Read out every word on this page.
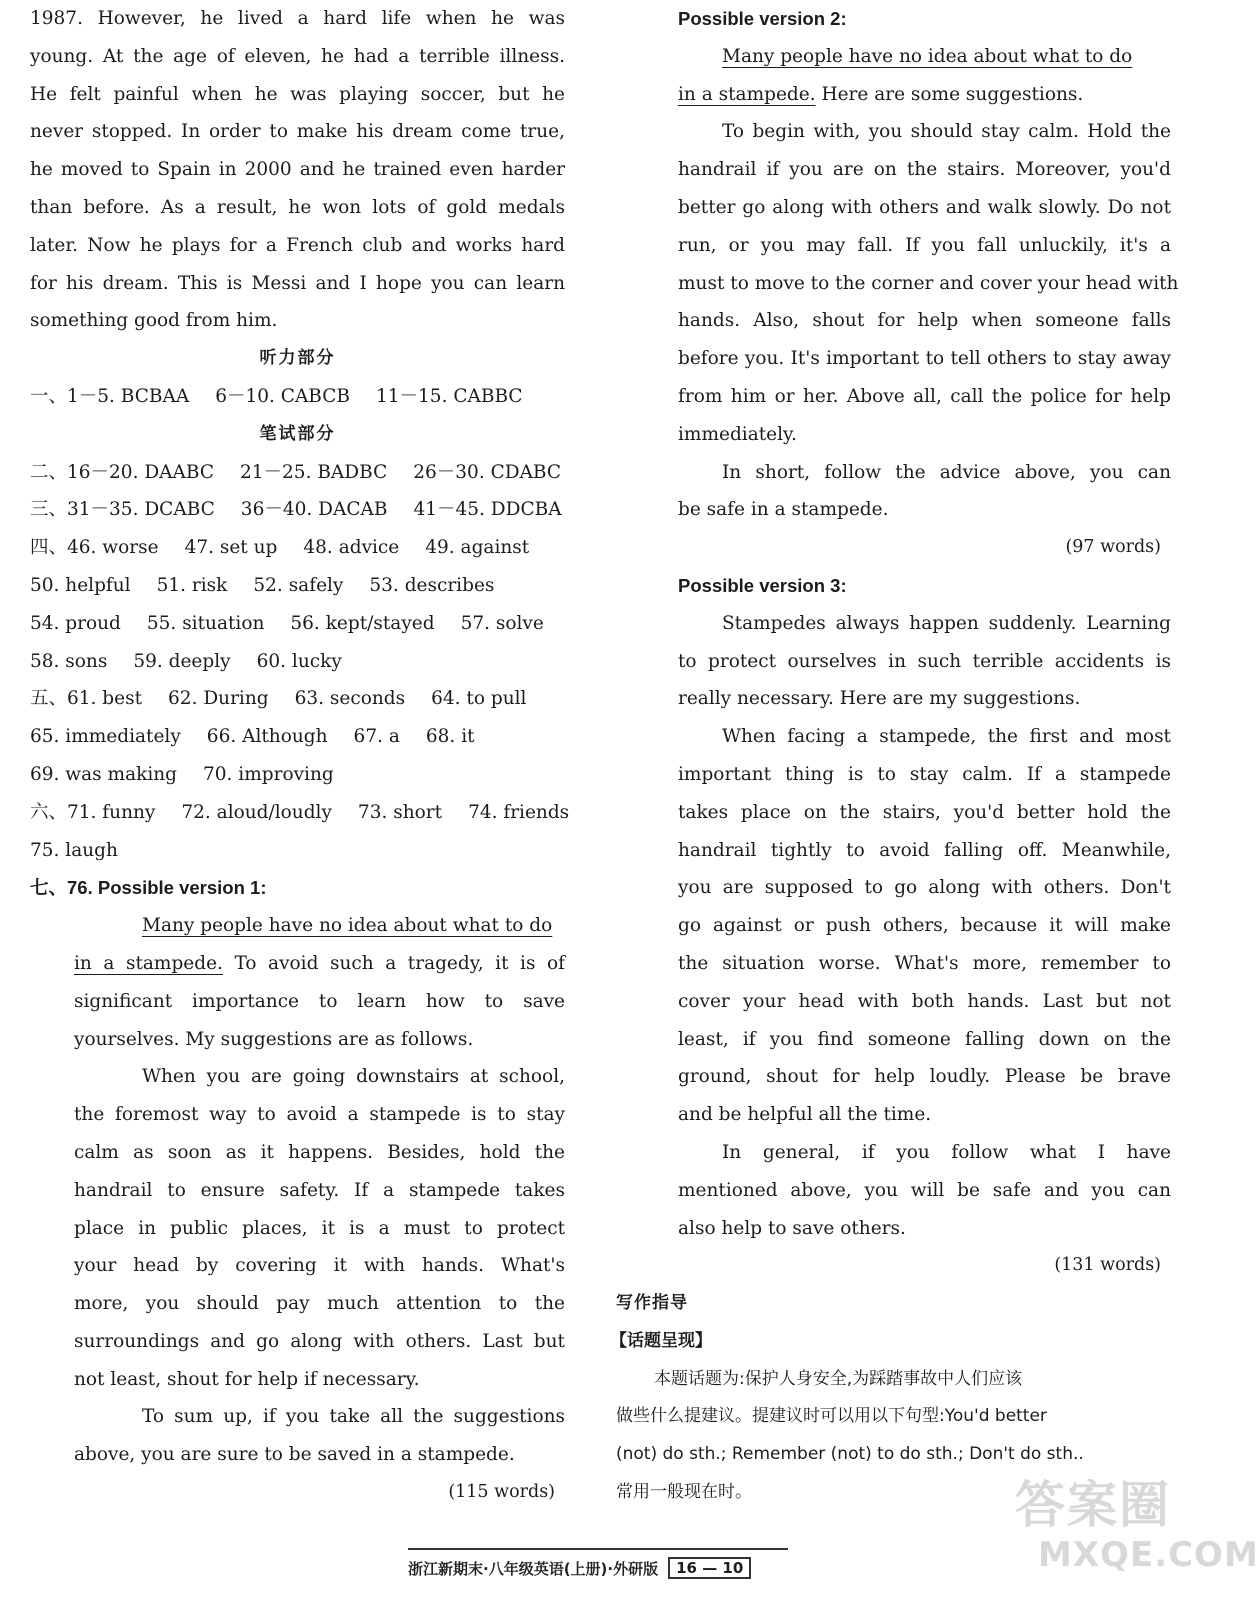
1987. However, he lived a hard life when he was
young. At the age of eleven, he had a terrible illness.
He felt painful when he was playing soccer, but he
never stopped. In order to make his dream come true,
he moved to Spain in 2000 and he trained even harder
than before. As a result, he won lots of gold medals
later. Now he plays for a French club and works hard
for his dream. This is Messi and I hope you can learn
something good from him.
听力部分
一、1－5. BCBAA 6－10. CABCB 11－15. CABBC
笔试部分
二、16－20. DAABC 21－25. BADBC 26－30. CDABC
三、31－35. DCABC 36－40. DACAB 41－45. DDCBA
四、46. worse 47. set up 48. advice 49. against
50. helpful 51. risk 52. safely 53. describes
54. proud 55. situation 56. kept/stayed 57. solve
58. sons 59. deeply 60. lucky
五、61. best 62. During 63. seconds 64. to pull
65. immediately 66. Although 67. a 68. it
69. was making 70. improving
六、71. funny 72. aloud/loudly 73. short 74. friends
75. laugh
七、76. Possible version 1:
Many people have no idea about what to do
in a stampede. To avoid such a tragedy, it is of
significant importance to learn how to save
yourselves. My suggestions are as follows.
When you are going downstairs at school,
the foremost way to avoid a stampede is to stay
calm as soon as it happens. Besides, hold the
handrail to ensure safety. If a stampede takes
place in public places, it is a must to protect
your head by covering it with hands. What's
more, you should pay much attention to the
surroundings and go along with others. Last but
not least, shout for help if necessary.
To sum up, if you take all the suggestions
above, you are sure to be saved in a stampede.
(115 words)
Possible version 2:
Many people have no idea about what to do
in a stampede. Here are some suggestions.
To begin with, you should stay calm. Hold the
handrail if you are on the stairs. Moreover, you'd
better go along with others and walk slowly. Do not
run, or you may fall. If you fall unluckily, it's a
must to move to the corner and cover your head with
hands. Also, shout for help when someone falls
before you. It's important to tell others to stay away
from him or her. Above all, call the police for help
immediately.
In short, follow the advice above, you can
be safe in a stampede.
(97 words)
Possible version 3:
Stampedes always happen suddenly. Learning
to protect ourselves in such terrible accidents is
really necessary. Here are my suggestions.
When facing a stampede, the first and most
important thing is to stay calm. If a stampede
takes place on the stairs, you'd better hold the
handrail tightly to avoid falling off. Meanwhile,
you are supposed to go along with others. Don't
go against or push others, because it will make
the situation worse. What's more, remember to
cover your head with both hands. Last but not
least, if you find someone falling down on the
ground, shout for help loudly. Please be brave
and be helpful all the time.
In general, if you follow what I have
mentioned above, you will be safe and you can
also help to save others.
(131 words)
写作指导
【话题呈现】
本题话题为:保护人身安全,为踩踏事故中人们应该
做些什么提建议。提建议时可以用以下句型:You'd better
(not) do sth.; Remember (not) to do sth.; Don't do sth..
常用一般现在时。
浙江新期末·八年级英语(上册)·外研版	16 — 10
答案圈
MXQE.COM
